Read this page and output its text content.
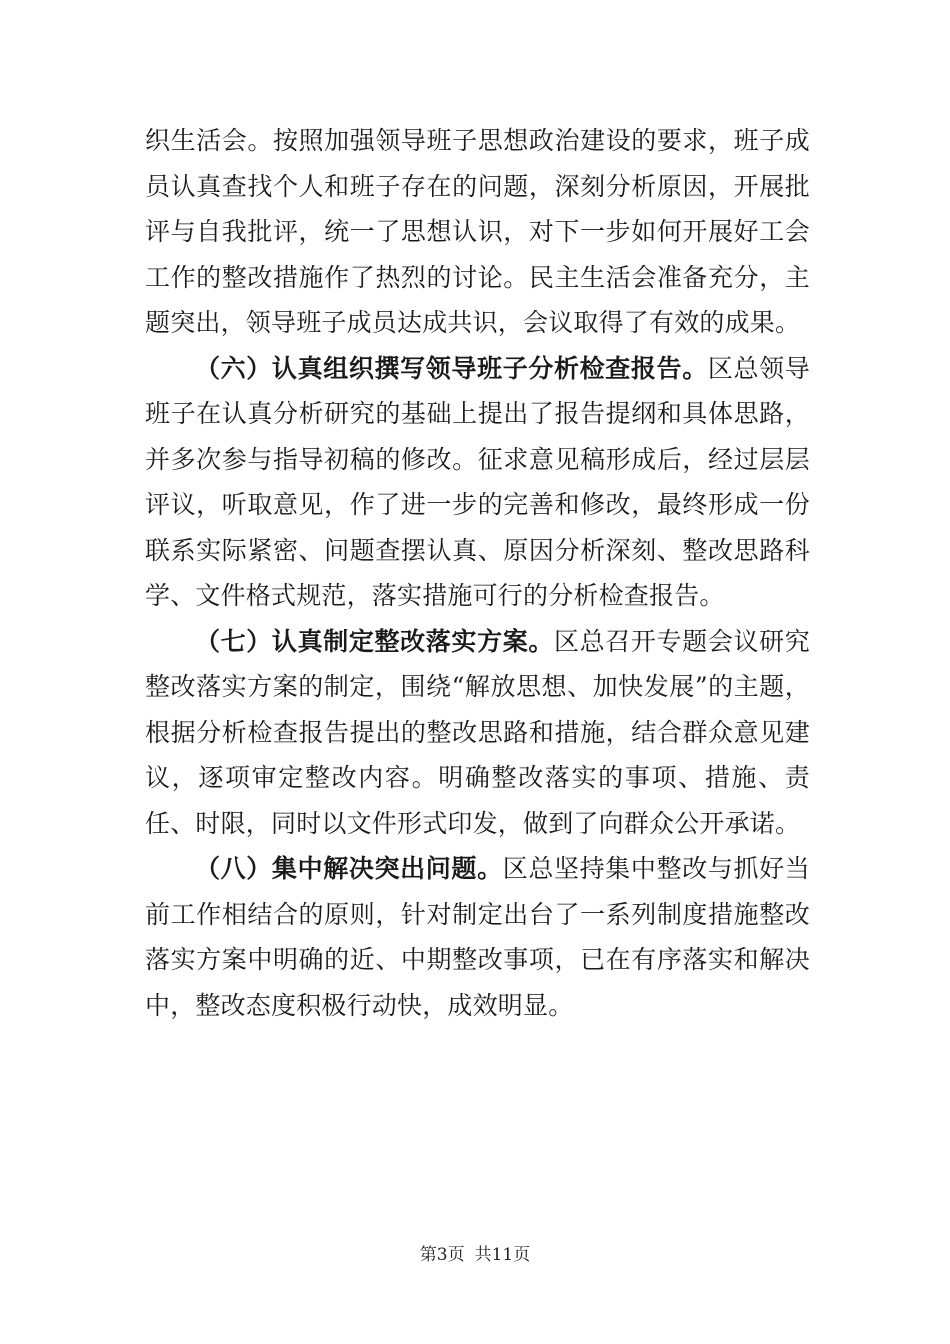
织生活会。按照加强领导班子思想政治建设的要求，班子成员认真查找个人和班子存在的问题，深刻分析原因，开展批评与自我批评，统一了思想认识，对下一步如何开展好工会工作的整改措施作了热烈的讨论。民主生活会准备充分，主题突出，领导班子成员达成共识，会议取得了有效的成果。

（六）认真组织撰写领导班子分析检查报告。区总领导班子在认真分析研究的基础上提出了报告提纲和具体思路，并多次参与指导初稿的修改。征求意见稿形成后，经过层层评议，听取意见，作了进一步的完善和修改，最终形成一份联系实际紧密、问题查摆认真、原因分析深刻、整改思路科学、文件格式规范，落实措施可行的分析检查报告。

（七）认真制定整改落实方案。区总召开专题会议研究整改落实方案的制定，围绕“解放思想、加快发展”的主题，根据分析检查报告提出的整改思路和措施，结合群众意见建议，逐项审定整改内容。明确整改落实的事项、措施、责任、时限，同时以文件形式印发，做到了向群众公开承诺。

（八）集中解决突出问题。区总坚持集中整改与抓好当前工作相结合的原则，针对制定出台了一系列制度措施整改落实方案中明确的近、中期整改事项，已在有序落实和解决中，整改态度积极行动快，成效明显。

第3页 共11页
